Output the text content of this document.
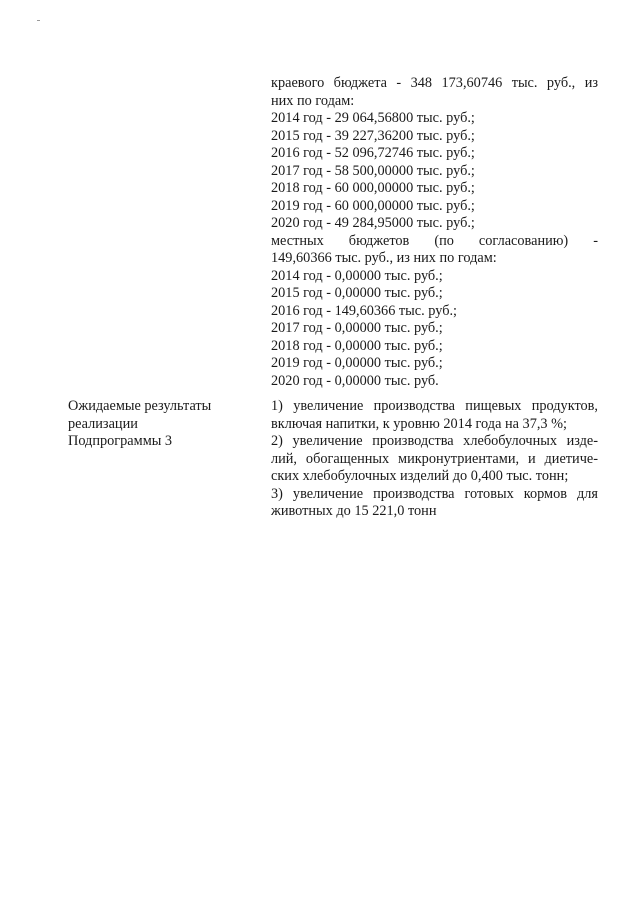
краевого бюджета - 348 173,60746 тыс. руб., из
них по годам:
2014 год - 29 064,56800 тыс. руб.;
2015 год - 39 227,36200 тыс. руб.;
2016 год - 52 096,72746 тыс. руб.;
2017 год - 58 500,00000 тыс. руб.;
2018 год - 60 000,00000 тыс. руб.;
2019 год - 60 000,00000 тыс. руб.;
2020 год - 49 284,95000 тыс. руб.;
местных бюджетов (по согласованию) -
149,60366 тыс. руб., из них по годам:
2014 год - 0,00000 тыс. руб.;
2015 год - 0,00000 тыс. руб.;
2016 год - 149,60366 тыс. руб.;
2017 год - 0,00000 тыс. руб.;
2018 год - 0,00000 тыс. руб.;
2019 год - 0,00000 тыс. руб.;
2020 год - 0,00000 тыс. руб.
Ожидаемые результаты
реализации
Подпрограммы 3
1) увеличение производства пищевых продуктов,
включая напитки, к уровню 2014 года на 37,3 %;
2) увеличение производства хлебобулочных изде-
лий, обогащенных микронутриентами, и диетиче-
ских хлебобулочных изделий до 0,400 тыс. тонн;
3) увеличение производства готовых кормов для
животных до 15 221,0 тонн
